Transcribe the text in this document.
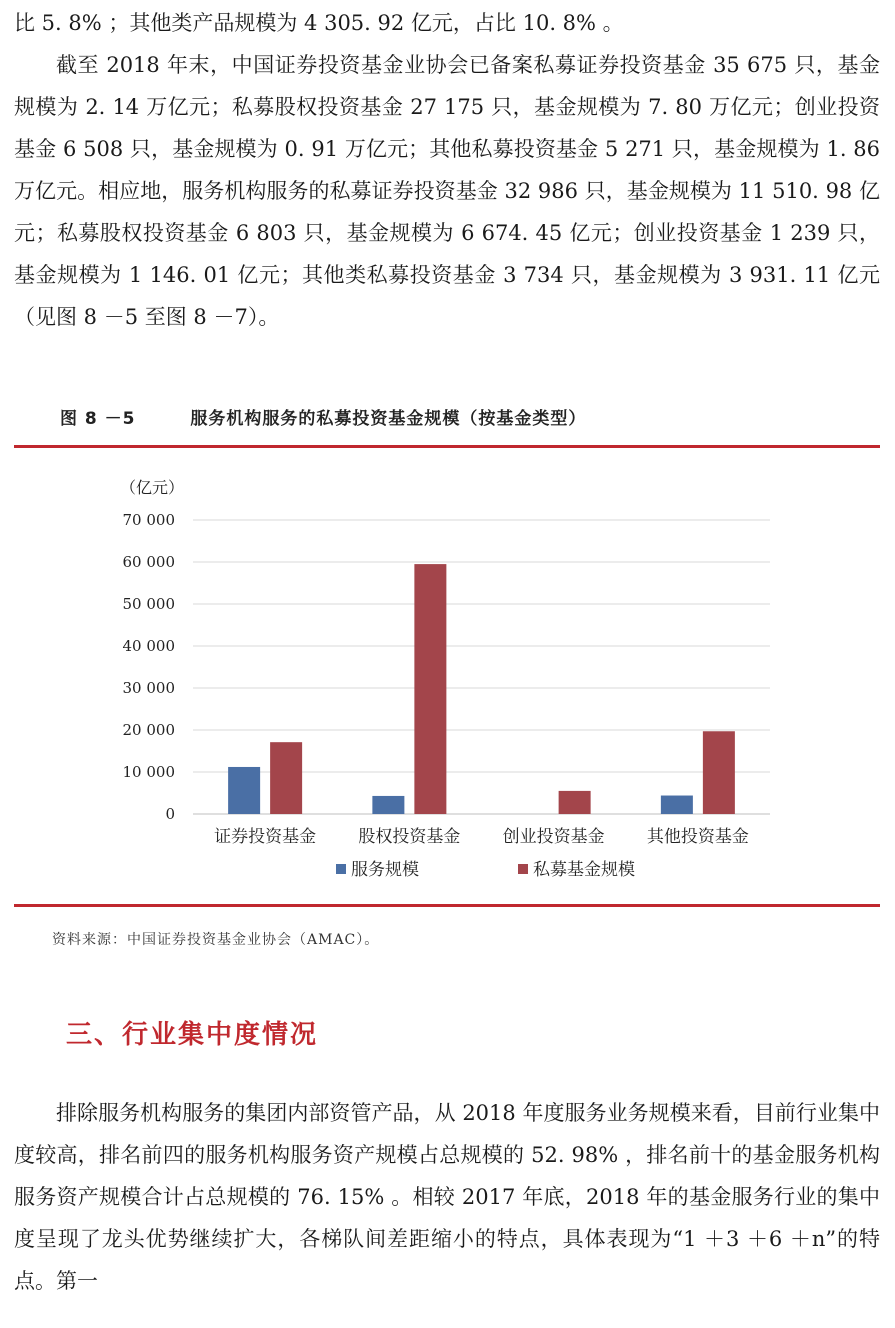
比 5. 8% ；其他类产品规模为 4 305. 92 亿元，占比 10. 8% 。

截至 2018 年末，中国证券投资基金业协会已备案私募证券投资基金 35 675 只，基金规模为 2. 14 万亿元；私募股权投资基金 27 175 只，基金规模为 7. 80 万亿元；创业投资基金 6 508 只，基金规模为 0. 91 万亿元；其他私募投资基金 5 271 只，基金规模为 1. 86 万亿元。相应地，服务机构服务的私募证券投资基金 32 986 只，基金规模为 11 510. 98 亿元；私募股权投资基金 6 803 只，基金规模为 6 674. 45 亿元；创业投资基金 1 239 只，基金规模为 1 146. 01 亿元；其他类私募投资基金 3 734 只，基金规模为 3 931. 11 亿元（见图 8 －5 至图 8 －7）。

图 8 －5	服务机构服务的私募投资基金规模（按基金类型）
（亿元）
0
10 000
20 000
30 000
40 000
50 000
60 000
70 000
证券投资基金 股权投资基金 创业投资基金 其他投资基金
服务规模	私募基金规模
资料来源：中国证券投资基金业协会（AMAC）。
三、行业集中度情况

排除服务机构服务的集团内部资管产品，从 2018 年度服务业务规模来看，目前行业集中度较高，排名前四的服务机构服务资产规模占总规模的 52. 98% ，排名前十的基金服务机构服务资产规模合计占总规模的 76. 15% 。相较 2017 年底，2018 年的基金服务行业的集中度呈现了龙头优势继续扩大，各梯队间差距缩小的特点，具体表现为“1 ＋3 ＋6 ＋n”的特点。第一
